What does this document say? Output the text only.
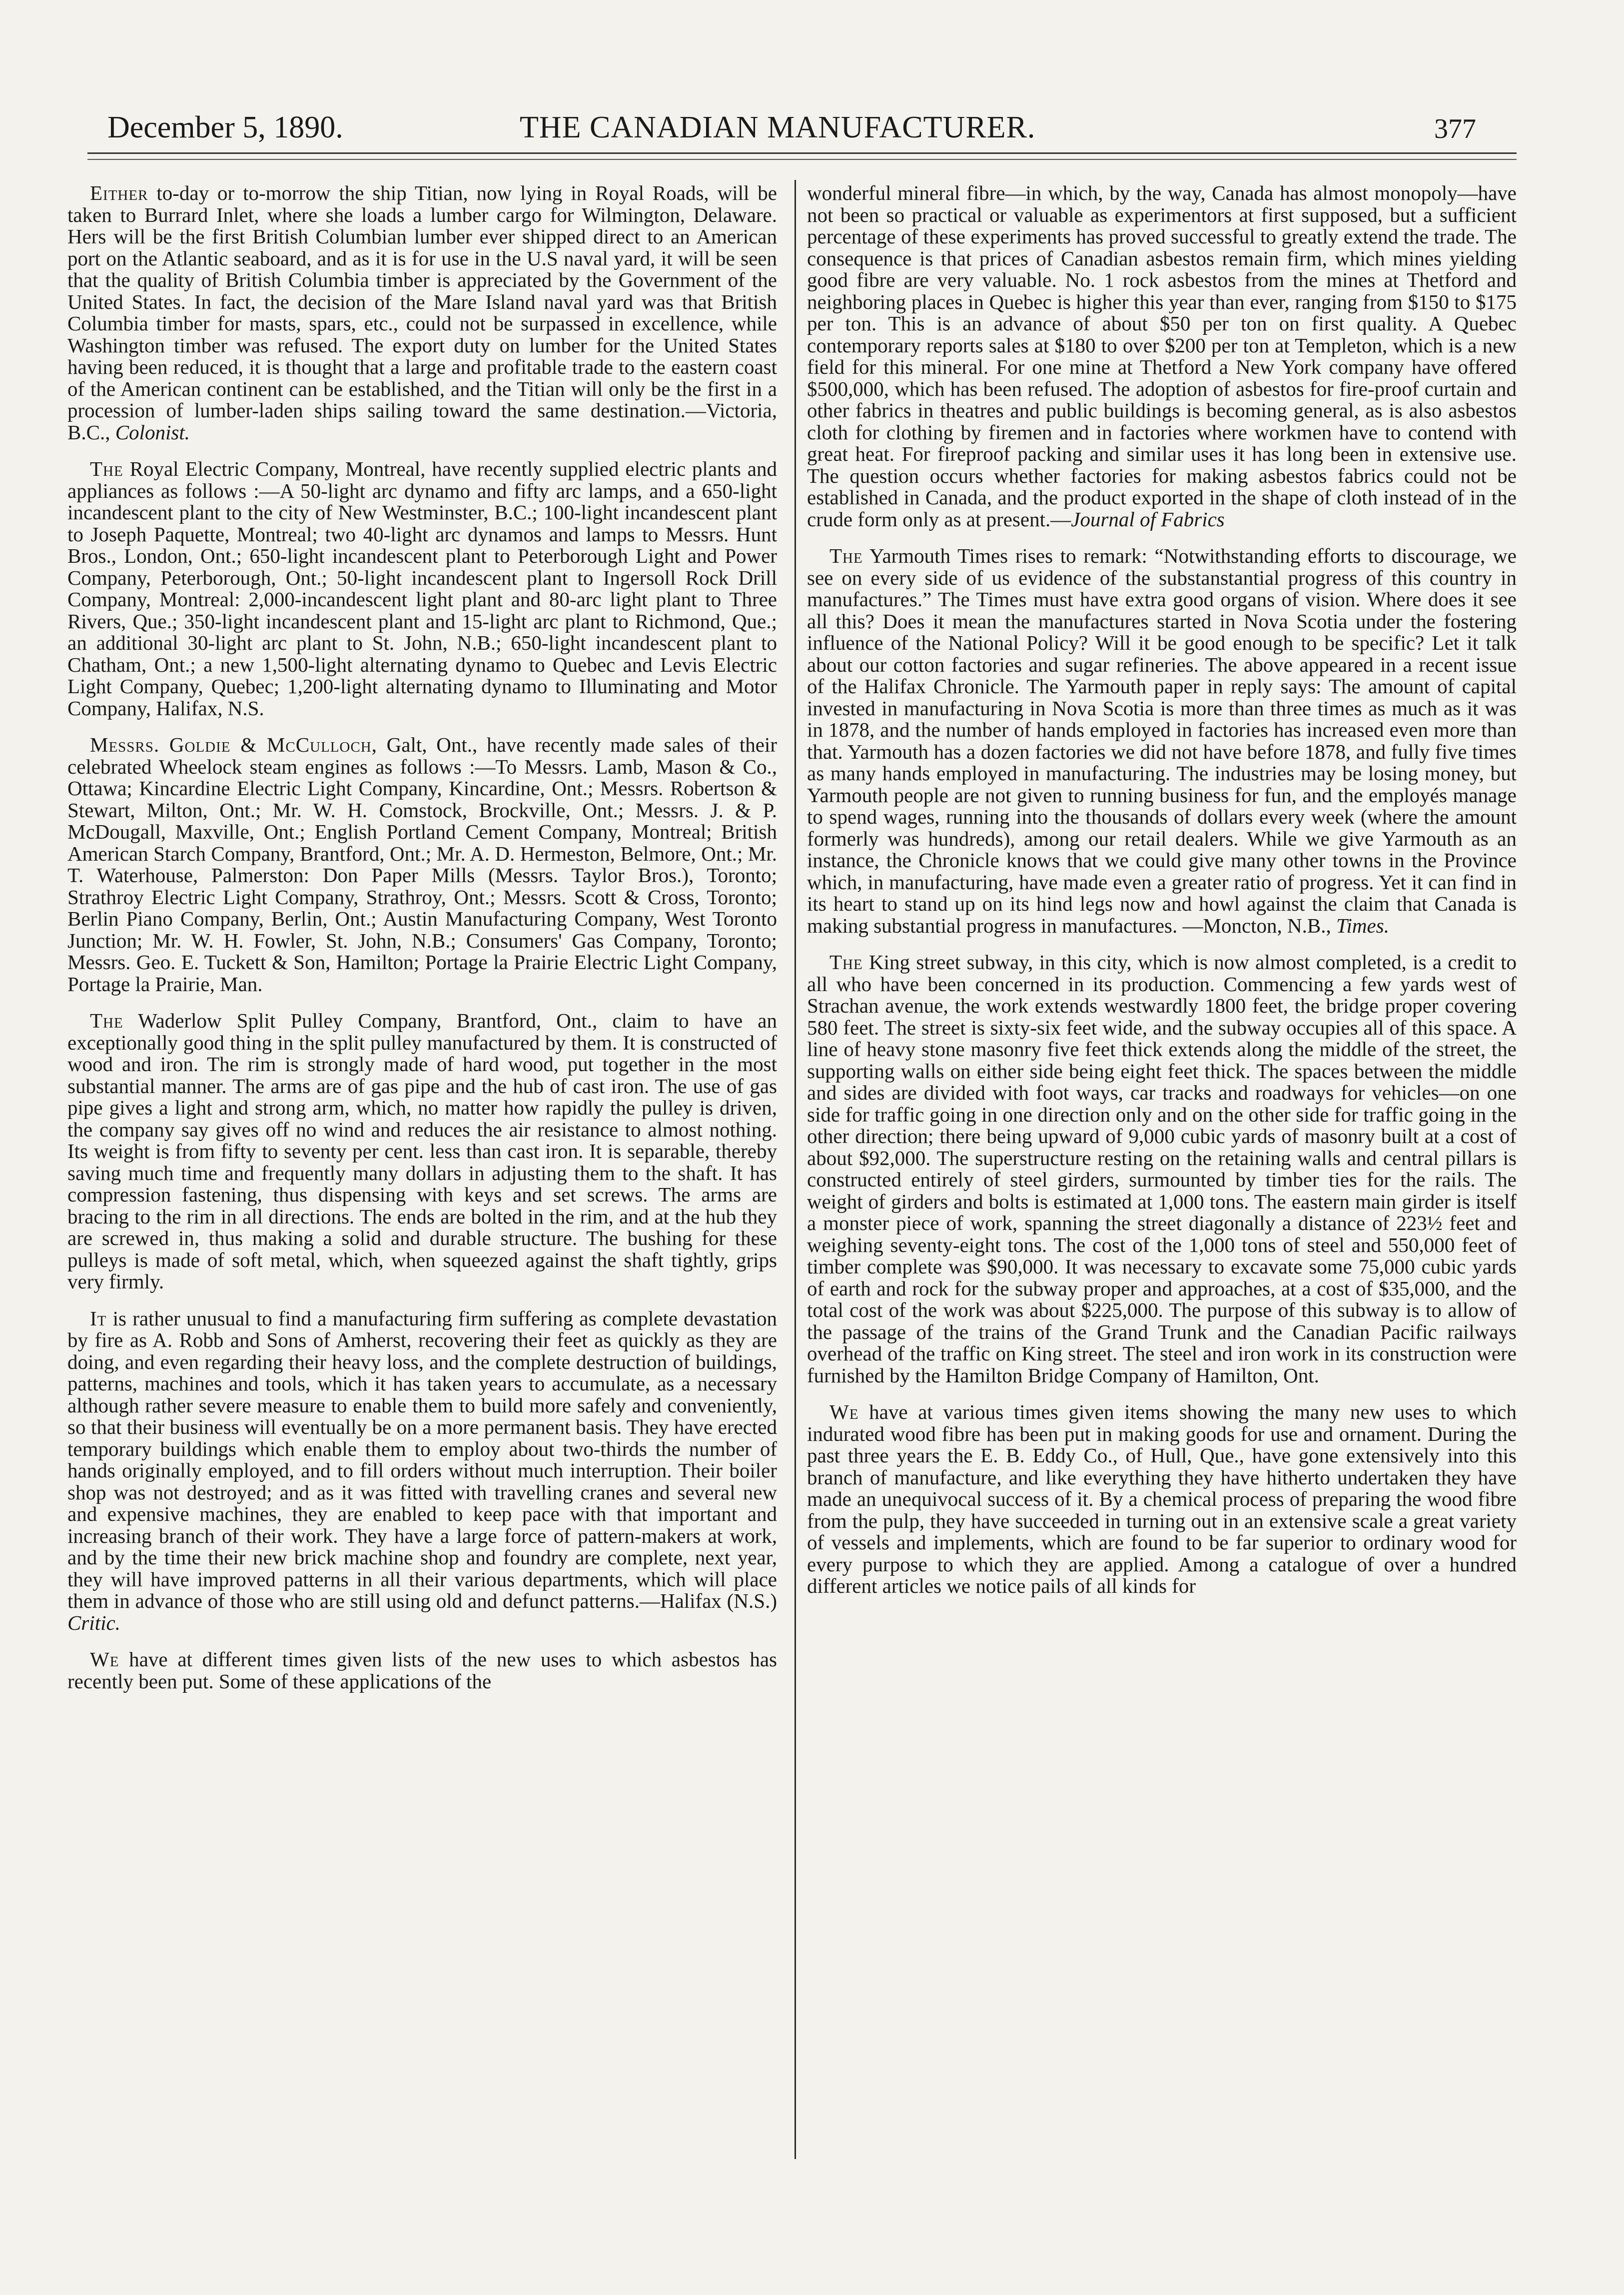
December 5, 1890.	THE CANADIAN MANUFACTURER.	377

Either to-day or to-morrow the ship Titian, now lying in Royal Roads, will be taken to Burrard Inlet, where she loads a lumber cargo for Wilmington, Delaware. Hers will be the first British Columbian lumber ever shipped direct to an American port on the Atlantic seaboard, and as it is for use in the U.S naval yard, it will be seen that the quality of British Columbia timber is appreciated by the Government of the United States. In fact, the decision of the Mare Island naval yard was that British Columbia timber for masts, spars, etc., could not be surpassed in excellence, while Washington timber was refused. The export duty on lumber for the United States having been reduced, it is thought that a large and profitable trade to the eastern coast of the American continent can be established, and the Titian will only be the first in a procession of lumber-laden ships sailing toward the same destination.—Victoria, B.C., Colonist.

The Royal Electric Company, Montreal, have recently supplied electric plants and appliances as follows :—A 50-light arc dynamo and fifty arc lamps, and a 650-light incandescent plant to the city of New Westminster, B.C.; 100-light incandescent plant to Joseph Paquette, Montreal; two 40-light arc dynamos and lamps to Messrs. Hunt Bros., London, Ont.; 650-light incandescent plant to Peterborough Light and Power Company, Peterborough, Ont.; 50-light incandescent plant to Ingersoll Rock Drill Company, Montreal: 2,000-incandescent light plant and 80-arc light plant to Three Rivers, Que.; 350-light incandescent plant and 15-light arc plant to Richmond, Que.; an additional 30-light arc plant to St. John, N.B.; 650-light incandescent plant to Chatham, Ont.; a new 1,500-light alternating dynamo to Quebec and Levis Electric Light Company, Quebec; 1,200-light alternating dynamo to Illuminating and Motor Company, Halifax, N.S.

Messrs. Goldie & McCulloch, Galt, Ont., have recently made sales of their celebrated Wheelock steam engines as follows :—To Messrs. Lamb, Mason & Co., Ottawa; Kincardine Electric Light Company, Kincardine, Ont.; Messrs. Robertson & Stewart, Milton, Ont.; Mr. W. H. Comstock, Brockville, Ont.; Messrs. J. & P. McDougall, Maxville, Ont.; English Portland Cement Company, Montreal; British American Starch Company, Brantford, Ont.; Mr. A. D. Hermeston, Belmore, Ont.; Mr. T. Waterhouse, Palmerston: Don Paper Mills (Messrs. Taylor Bros.), Toronto; Strathroy Electric Light Company, Strathroy, Ont.; Messrs. Scott & Cross, Toronto; Berlin Piano Company, Berlin, Ont.; Austin Manufacturing Company, West Toronto Junction; Mr. W. H. Fowler, St. John, N.B.; Consumers' Gas Company, Toronto; Messrs. Geo. E. Tuckett & Son, Hamilton; Portage la Prairie Electric Light Company, Portage la Prairie, Man.

The Waderlow Split Pulley Company, Brantford, Ont., claim to have an exceptionally good thing in the split pulley manufactured by them. It is constructed of wood and iron. The rim is strongly made of hard wood, put together in the most substantial manner. The arms are of gas pipe and the hub of cast iron. The use of gas pipe gives a light and strong arm, which, no matter how rapidly the pulley is driven, the company say gives off no wind and reduces the air resistance to almost nothing. Its weight is from fifty to seventy per cent. less than cast iron. It is separable, thereby saving much time and frequently many dollars in adjusting them to the shaft. It has compression fastening, thus dispensing with keys and set screws. The arms are bracing to the rim in all directions. The ends are bolted in the rim, and at the hub they are screwed in, thus making a solid and durable structure. The bushing for these pulleys is made of soft metal, which, when squeezed against the shaft tightly, grips very firmly.

It is rather unusual to find a manufacturing firm suffering as complete devastation by fire as A. Robb and Sons of Amherst, recovering their feet as quickly as they are doing, and even regarding their heavy loss, and the complete destruction of buildings, patterns, machines and tools, which it has taken years to accumulate, as a necessary although rather severe measure to enable them to build more safely and conveniently, so that their business will eventually be on a more permanent basis. They have erected temporary buildings which enable them to employ about two-thirds the number of hands originally employed, and to fill orders without much interruption. Their boiler shop was not destroyed; and as it was fitted with travelling cranes and several new and expensive machines, they are enabled to keep pace with that important and increasing branch of their work. They have a large force of pattern-makers at work, and by the time their new brick machine shop and foundry are complete, next year, they will have improved patterns in all their various departments, which will place them in advance of those who are still using old and defunct patterns.—Halifax (N.S.) Critic.

We have at different times given lists of the new uses to which asbestos has recently been put. Some of these applications of the

wonderful mineral fibre—in which, by the way, Canada has almost monopoly—have not been so practical or valuable as experimentors at first supposed, but a sufficient percentage of these experiments has proved successful to greatly extend the trade. The consequence is that prices of Canadian asbestos remain firm, which mines yielding good fibre are very valuable. No. 1 rock asbestos from the mines at Thetford and neighboring places in Quebec is higher this year than ever, ranging from $150 to $175 per ton. This is an advance of about $50 per ton on first quality. A Quebec contemporary reports sales at $180 to over $200 per ton at Templeton, which is a new field for this mineral. For one mine at Thetford a New York company have offered $500,000, which has been refused. The adoption of asbestos for fire-proof curtain and other fabrics in theatres and public buildings is becoming general, as is also asbestos cloth for clothing by firemen and in factories where workmen have to contend with great heat. For fireproof packing and similar uses it has long been in extensive use. The question occurs whether factories for making asbestos fabrics could not be established in Canada, and the product exported in the shape of cloth instead of in the crude form only as at present.—Journal of Fabrics

The Yarmouth Times rises to remark: “Notwithstanding efforts to discourage, we see on every side of us evidence of the substanstantial progress of this country in manufactures.” The Times must have extra good organs of vision. Where does it see all this? Does it mean the manufactures started in Nova Scotia under the fostering influence of the National Policy? Will it be good enough to be specific? Let it talk about our cotton factories and sugar refineries. The above appeared in a recent issue of the Halifax Chronicle. The Yarmouth paper in reply says: The amount of capital invested in manufacturing in Nova Scotia is more than three times as much as it was in 1878, and the number of hands employed in factories has increased even more than that. Yarmouth has a dozen factories we did not have before 1878, and fully five times as many hands employed in manufacturing. The industries may be losing money, but Yarmouth people are not given to running business for fun, and the employés manage to spend wages, running into the thousands of dollars every week (where the amount formerly was hundreds), among our retail dealers. While we give Yarmouth as an instance, the Chronicle knows that we could give many other towns in the Province which, in manufacturing, have made even a greater ratio of progress. Yet it can find in its heart to stand up on its hind legs now and howl against the claim that Canada is making substantial progress in manufactures. —Moncton, N.B., Times.

The King street subway, in this city, which is now almost completed, is a credit to all who have been concerned in its production. Commencing a few yards west of Strachan avenue, the work extends westwardly 1800 feet, the bridge proper covering 580 feet. The street is sixty-six feet wide, and the subway occupies all of this space. A line of heavy stone masonry five feet thick extends along the middle of the street, the supporting walls on either side being eight feet thick. The spaces between the middle and sides are divided with foot ways, car tracks and roadways for vehicles—on one side for traffic going in one direction only and on the other side for traffic going in the other direction; there being upward of 9,000 cubic yards of masonry built at a cost of about $92,000. The superstructure resting on the retaining walls and central pillars is constructed entirely of steel girders, surmounted by timber ties for the rails. The weight of girders and bolts is estimated at 1,000 tons. The eastern main girder is itself a monster piece of work, spanning the street diagonally a distance of 223½ feet and weighing seventy-eight tons. The cost of the 1,000 tons of steel and 550,000 feet of timber complete was $90,000. It was necessary to excavate some 75,000 cubic yards of earth and rock for the subway proper and approaches, at a cost of $35,000, and the total cost of the work was about $225,000. The purpose of this subway is to allow of the passage of the trains of the Grand Trunk and the Canadian Pacific railways overhead of the traffic on King street. The steel and iron work in its construction were furnished by the Hamilton Bridge Company of Hamilton, Ont.

We have at various times given items showing the many new uses to which indurated wood fibre has been put in making goods for use and ornament. During the past three years the E. B. Eddy Co., of Hull, Que., have gone extensively into this branch of manufacture, and like everything they have hitherto undertaken they have made an unequivocal success of it. By a chemical process of preparing the wood fibre from the pulp, they have succeeded in turning out in an extensive scale a great variety of vessels and implements, which are found to be far superior to ordinary wood for every purpose to which they are applied. Among a catalogue of over a hundred different articles we notice pails of all kinds for
